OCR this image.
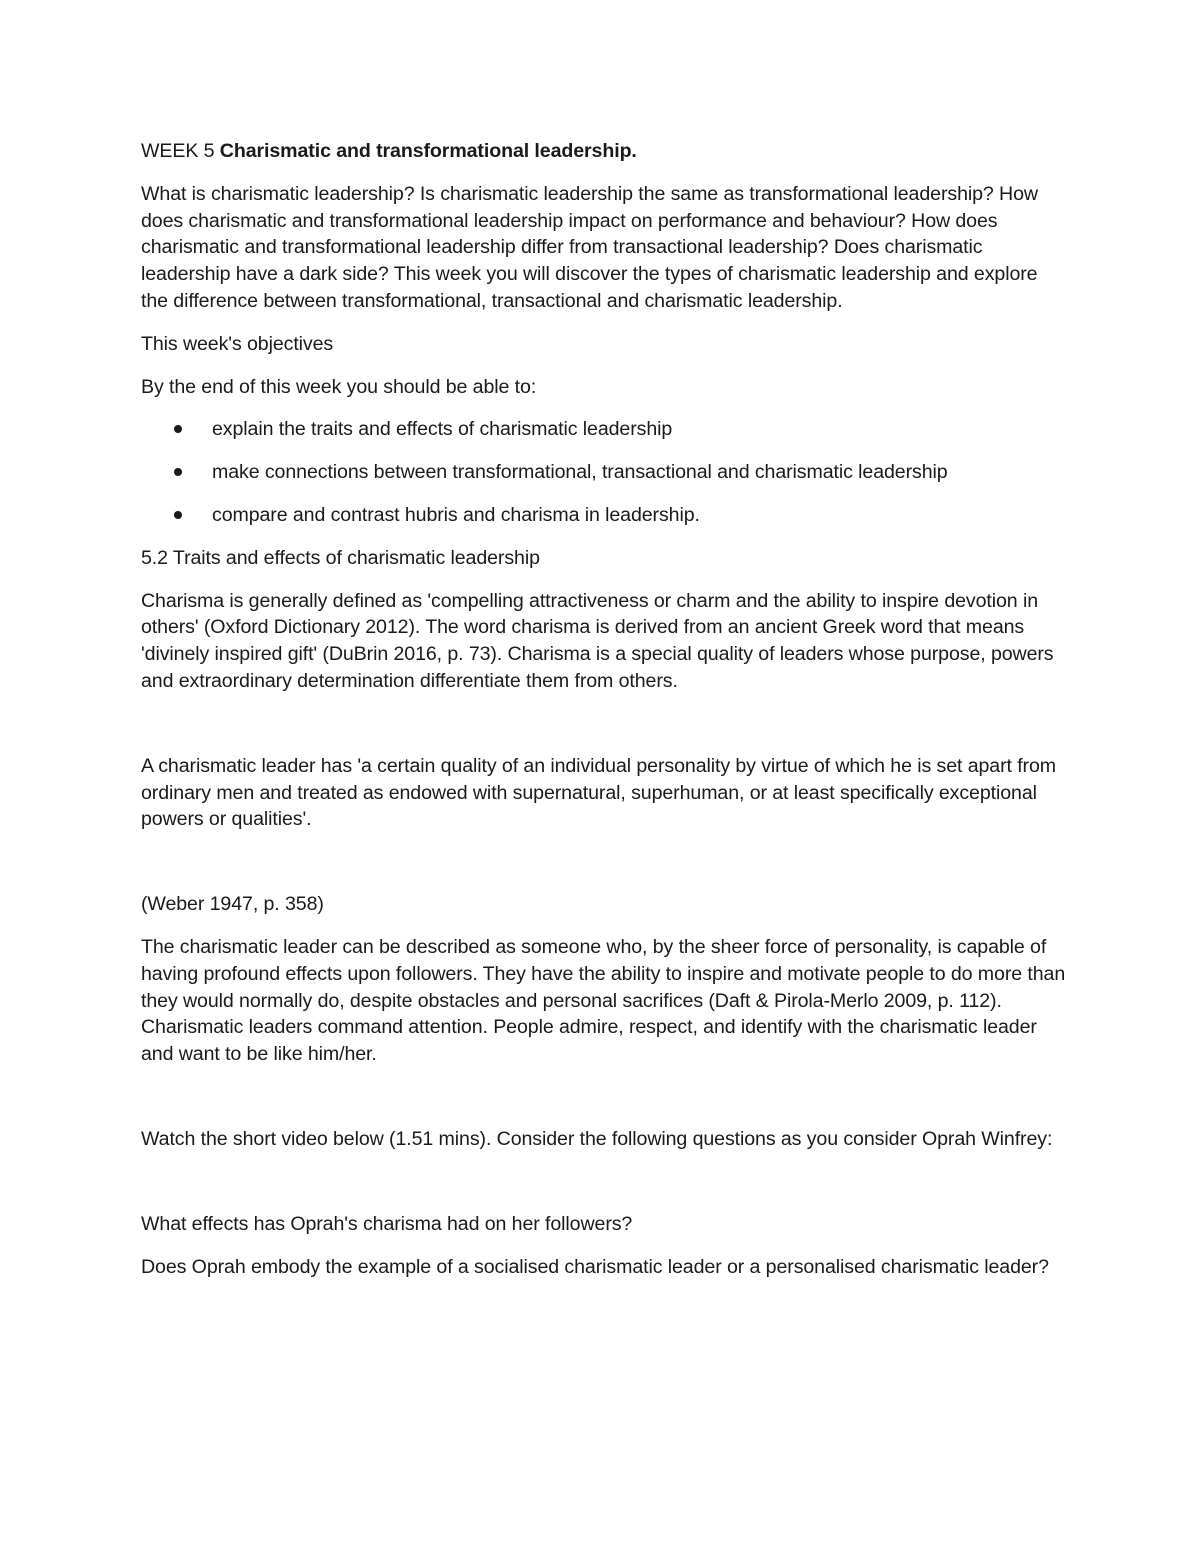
WEEK 5 Charismatic and transformational leadership.

What is charismatic leadership? Is charismatic leadership the same as transformational leadership? How does charismatic and transformational leadership impact on performance and behaviour? How does charismatic and transformational leadership differ from transactional leadership? Does charismatic leadership have a dark side? This week you will discover the types of charismatic leadership and explore the difference between transformational, transactional and charismatic leadership.

This week's objectives

By the end of this week you should be able to:

explain the traits and effects of charismatic leadership
make connections between transformational, transactional and charismatic leadership
compare and contrast hubris and charisma in leadership.

5.2 Traits and effects of charismatic leadership

Charisma is generally defined as 'compelling attractiveness or charm and the ability to inspire devotion in others' (Oxford Dictionary 2012). The word charisma is derived from an ancient Greek word that means 'divinely inspired gift' (DuBrin 2016, p. 73). Charisma is a special quality of leaders whose purpose, powers and extraordinary determination differentiate them from others.

A charismatic leader has 'a certain quality of an individual personality by virtue of which he is set apart from ordinary men and treated as endowed with supernatural, superhuman, or at least specifically exceptional powers or qualities'.

(Weber 1947, p. 358)

The charismatic leader can be described as someone who, by the sheer force of personality, is capable of having profound effects upon followers. They have the ability to inspire and motivate people to do more than they would normally do, despite obstacles and personal sacrifices (Daft & Pirola-Merlo 2009, p. 112). Charismatic leaders command attention. People admire, respect, and identify with the charismatic leader and want to be like him/her.

Watch the short video below (1.51 mins). Consider the following questions as you consider Oprah Winfrey:

What effects has Oprah's charisma had on her followers?

Does Oprah embody the example of a socialised charismatic leader or a personalised charismatic leader?
